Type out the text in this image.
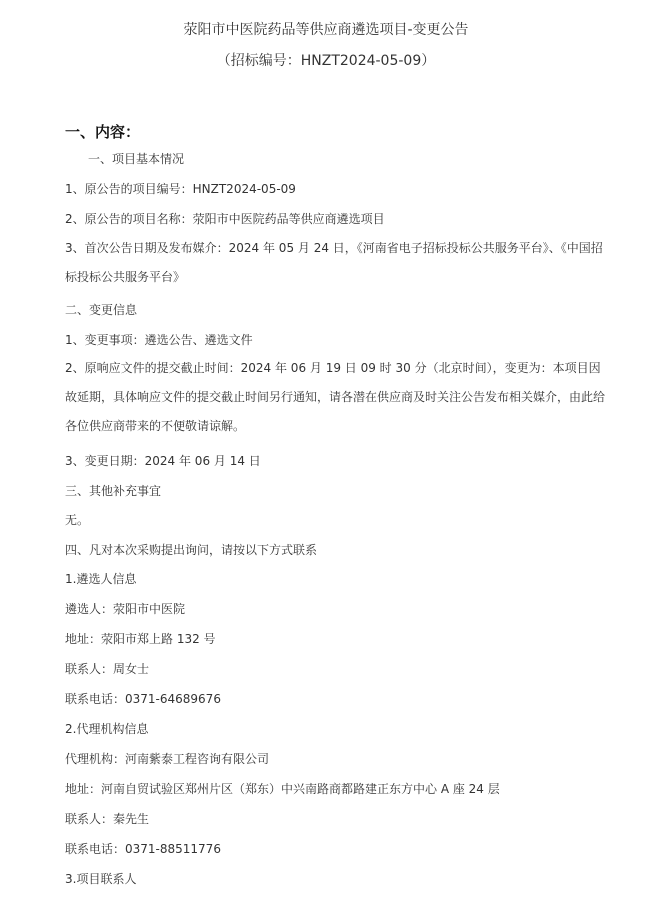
荥阳市中医院药品等供应商遴选项目-变更公告
（招标编号：HNZT2024-05-09）
一、内容：
一、项目基本情况
1、原公告的项目编号：HNZT2024-05-09
2、原公告的项目名称：荥阳市中医院药品等供应商遴选项目
3、首次公告日期及发布媒介：2024 年 05 月 24 日，《河南省电子招标投标公共服务平台》、《中国招标投标公共服务平台》
二、变更信息
1、变更事项：遴选公告、遴选文件
2、原响应文件的提交截止时间：2024 年 06 月 19 日 09 时 30 分（北京时间），变更为：本项目因故延期，具体响应文件的提交截止时间另行通知，请各潜在供应商及时关注公告发布相关媒介，由此给各位供应商带来的不便敬请谅解。
3、变更日期：2024 年 06 月 14 日
三、其他补充事宜
无。
四、凡对本次采购提出询问，请按以下方式联系
1.遴选人信息
遴选人：荥阳市中医院
地址：荥阳市郑上路 132 号
联系人：周女士
联系电话：0371-64689676
2.代理机构信息
代理机构：河南紫泰工程咨询有限公司
地址：河南自贸试验区郑州片区（郑东）中兴南路商都路建正东方中心 A 座 24 层
联系人：秦先生
联系电话：0371-88511776
3.项目联系人
